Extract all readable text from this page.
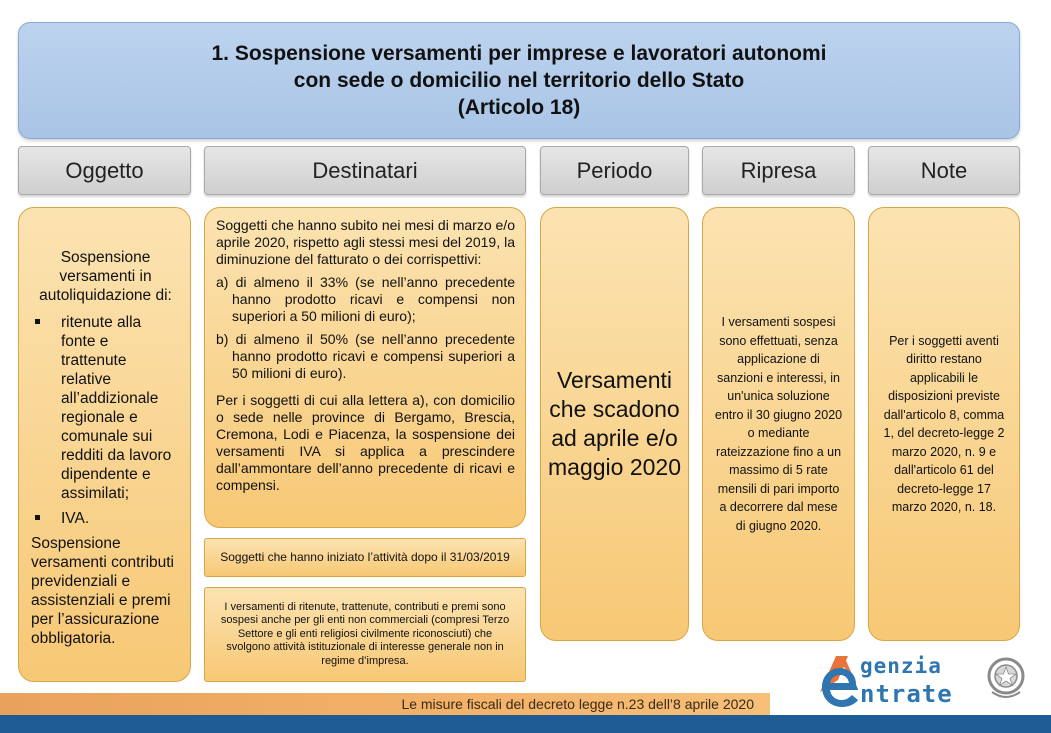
1. Sospensione versamenti per imprese e lavoratori autonomi
con sede o domicilio nel territorio dello Stato
(Articolo 18)
Oggetto	Destinatari	Periodo	Ripresa	Note
Sospensione versamenti in autoliquidazione di:
ritenute alla fonte e trattenute relative all’addizionale regionale e comunale sui redditi da lavoro dipendente e assimilati;
IVA.
Sospensione versamenti contributi previdenziali e assistenziali e premi per l’assicurazione obbligatoria.

Soggetti che hanno subito nei mesi di marzo e/o aprile 2020, rispetto agli stessi mesi del 2019, la diminuzione del fatturato o dei corrispettivi:

a) di almeno il 33% (se nell’anno precedente hanno prodotto ricavi e compensi non superiori a 50 milioni di euro);

b) di almeno il 50% (se nell’anno precedente hanno prodotto ricavi e compensi superiori a 50 milioni di euro).

Per i soggetti di cui alla lettera a), con domicilio o sede nelle province di Bergamo, Brescia, Cremona, Lodi e Piacenza, la sospensione dei versamenti IVA si applica a prescindere dall’ammontare dell’anno precedente di ricavi e compensi.

Soggetti che hanno iniziato l’attività dopo il 31/03/2019
I versamenti di ritenute, trattenute, contributi e premi sono sospesi anche per gli enti non commerciali (compresi Terzo Settore e gli enti religiosi civilmente riconosciuti) che svolgono attività istituzionale di interesse generale non in regime d’impresa.
Versamenti che scadono ad aprile e/o maggio 2020
I versamenti sospesi sono effettuati, senza applicazione di sanzioni e interessi, in un'unica soluzione entro il 30 giugno 2020 o mediante rateizzazione fino a un massimo di 5 rate mensili di pari importo a decorrere dal mese di giugno 2020.
Per i soggetti aventi diritto restano applicabili le disposizioni previste dall'articolo 8, comma 1, del decreto-legge 2 marzo 2020, n. 9 e dall'articolo 61 del decreto-legge 17 marzo 2020, n. 18.
Le misure fiscali del decreto legge n.23 dell’8 aprile 2020
genzia
ntrate
